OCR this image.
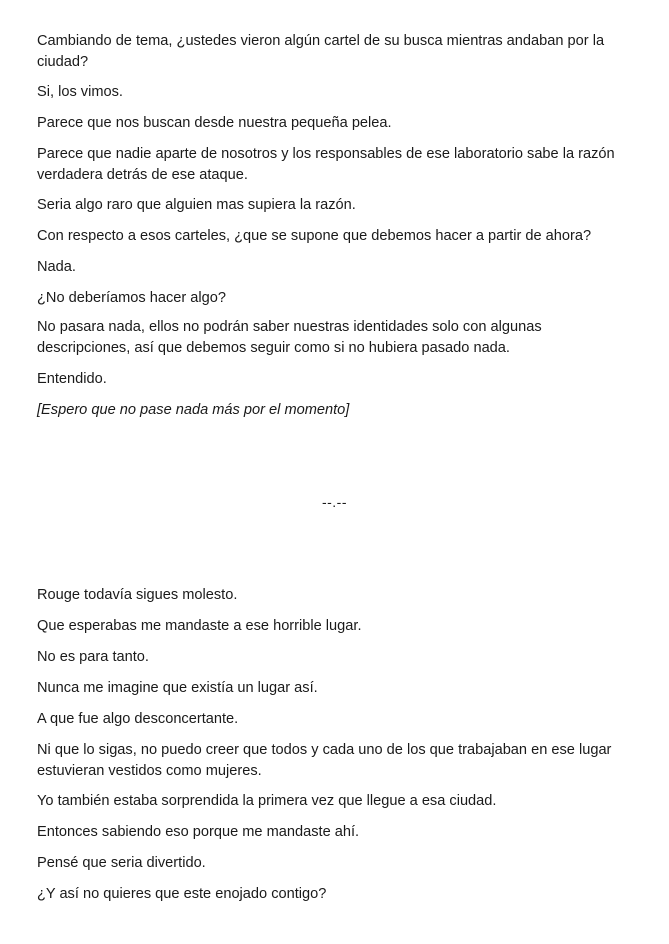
Cambiando de tema, ¿ustedes vieron algún cartel de su busca mientras andaban por la ciudad?

Si, los vimos.

Parece que nos buscan desde nuestra pequeña pelea.

Parece que nadie aparte de nosotros y los responsables de ese laboratorio sabe la razón verdadera detrás de ese ataque.

Seria algo raro que alguien mas supiera la razón.

Con respecto a esos carteles, ¿que se supone que debemos hacer a partir de ahora?

Nada.

¿No deberíamos hacer algo?

No pasara nada, ellos no podrán saber nuestras identidades solo con algunas descripciones, así que debemos seguir como si no hubiera pasado nada.

Entendido.

[Espero que no pase nada más por el momento]

--.--

Rouge todavía sigues molesto.

Que esperabas me mandaste a ese horrible lugar.

No es para tanto.

Nunca me imagine que existía un lugar así.

A que fue algo desconcertante.

Ni que lo sigas, no puedo creer que todos y cada uno de los que trabajaban en ese lugar estuvieran vestidos como mujeres.

Yo también estaba sorprendida la primera vez que llegue a esa ciudad.

Entonces sabiendo eso porque me mandaste ahí.

Pensé que seria divertido.

¿Y así no quieres que este enojado contigo?
